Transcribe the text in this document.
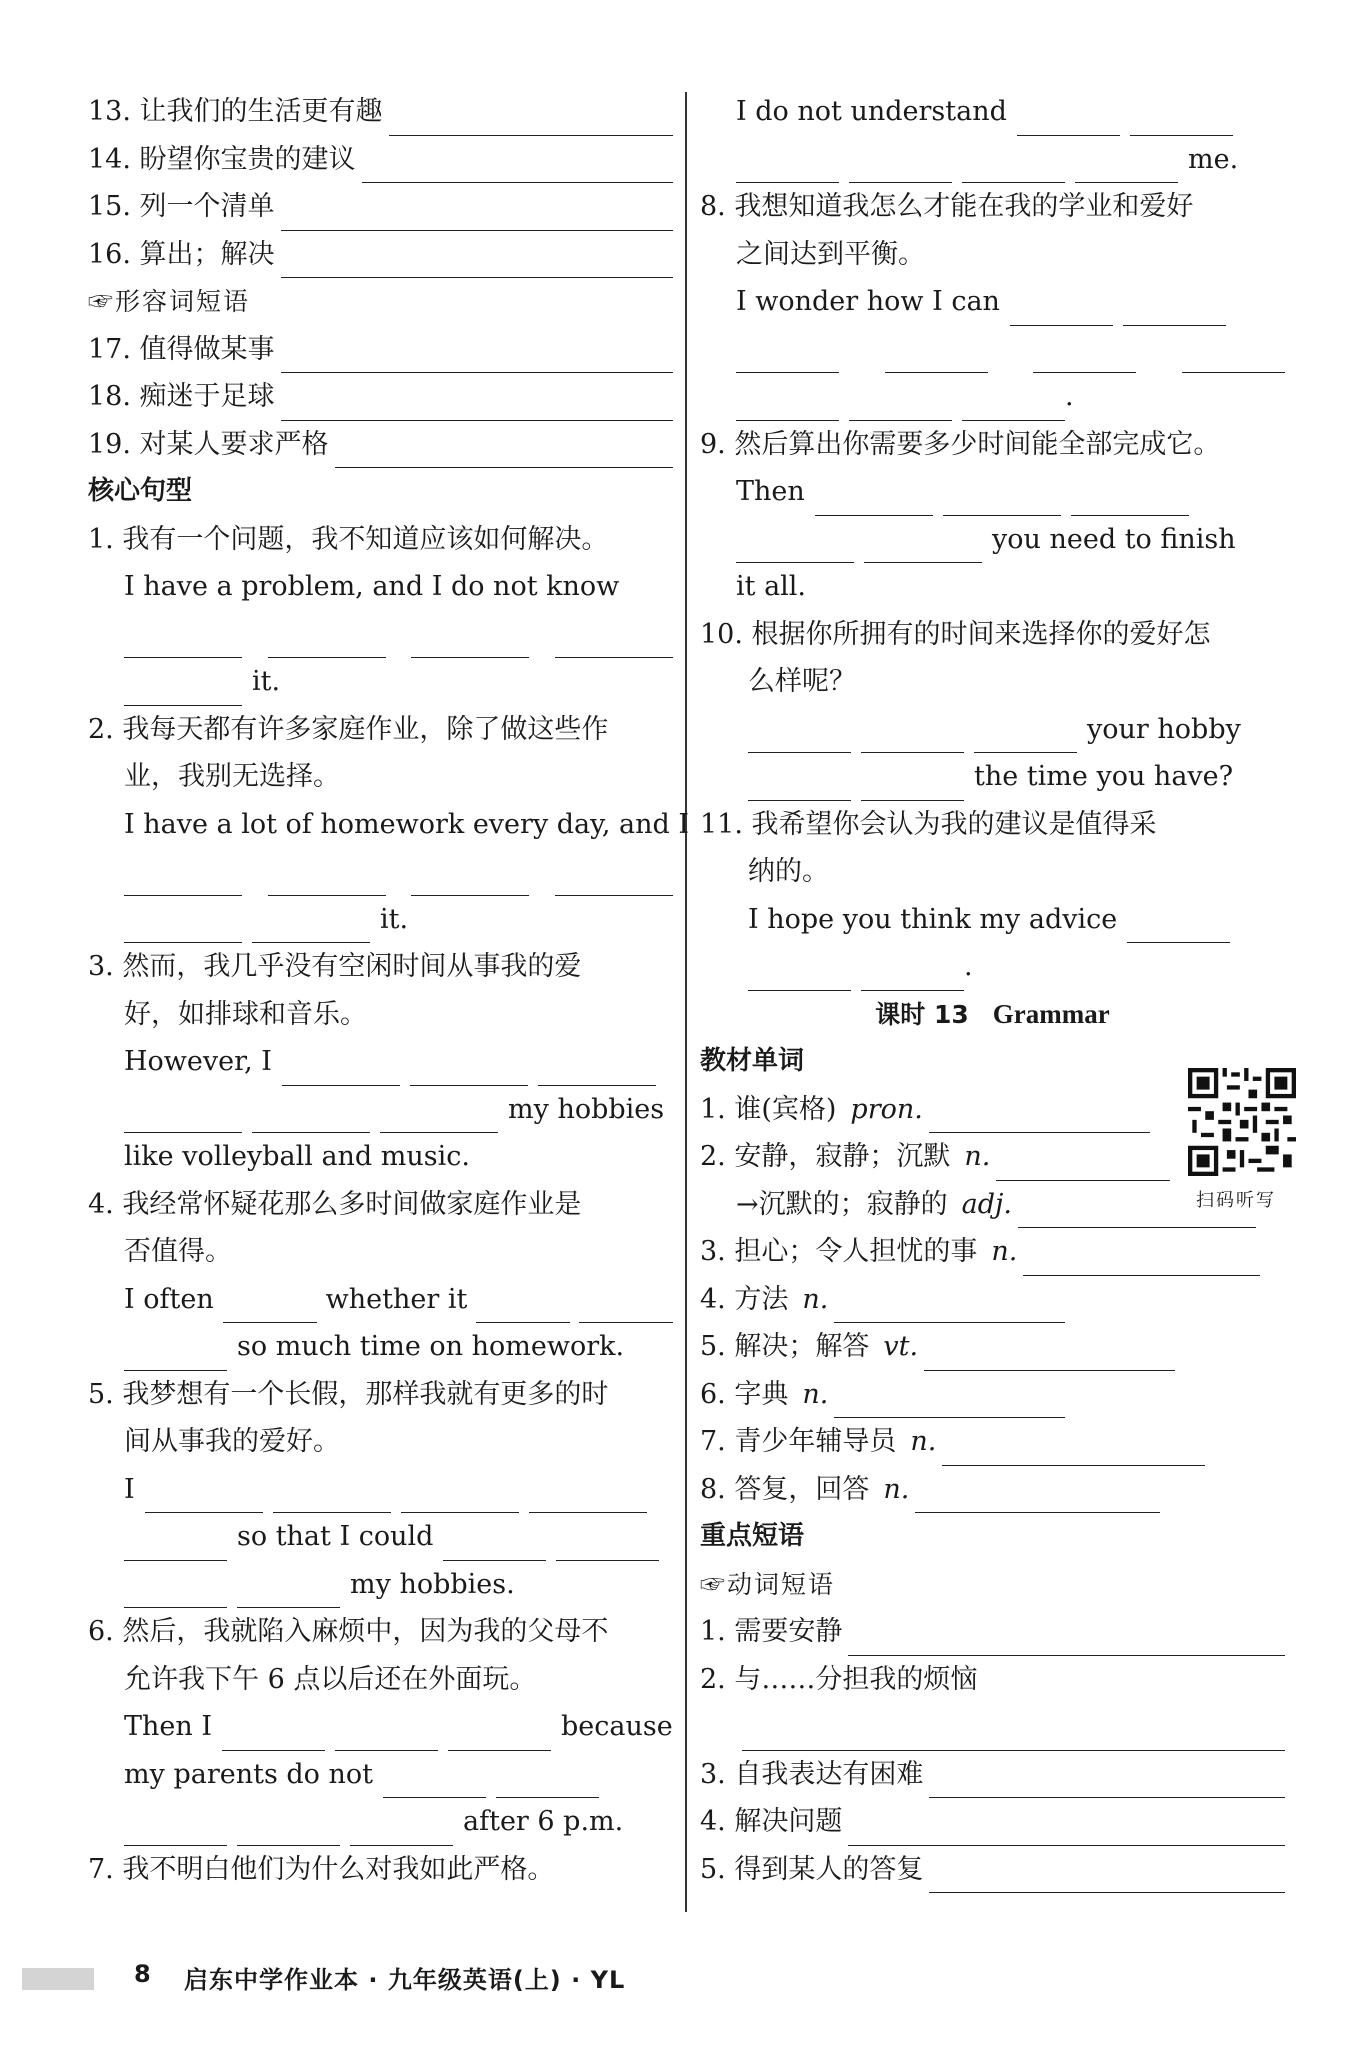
13. 让我们的生活更有趣
14. 盼望你宝贵的建议
15. 列一个清单
16. 算出；解决
☞形容词短语
17. 值得做某事
18. 痴迷于足球
19. 对某人要求严格
核心句型
1. 我有一个问题，我不知道应该如何解决。
I have a problem, and I do not know
it.
2. 我每天都有许多家庭作业，除了做这些作
业，我别无选择。
I have a lot of homework every day, and I
it.
3. 然而，我几乎没有空闲时间从事我的爱
好，如排球和音乐。
However, I
my hobbies
like volleyball and music.
4. 我经常怀疑花那么多时间做家庭作业是
否值得。
I often	whether it
so much time on homework.
5. 我梦想有一个长假，那样我就有更多的时
间从事我的爱好。
I
so that I could
my hobbies.
6. 然后，我就陷入麻烦中，因为我的父母不
允许我下午 6 点以后还在外面玩。
Then I	because
my parents do not
after 6 p.m.
7. 我不明白他们为什么对我如此严格。
I do not understand
me.
8. 我想知道我怎么才能在我的学业和爱好
之间达到平衡。
I wonder how I can
.
9. 然后算出你需要多少时间能全部完成它。
Then
you need to finish
it all.
10. 根据你所拥有的时间来选择你的爱好怎
么样呢？
your hobby
the time you have?
11. 我希望你会认为我的建议是值得采
纳的。
I hope you think my advice
.
课时 13 Grammar
教材单词
1. 谁(宾格) pron.
2. 安静，寂静；沉默 n.
→沉默的；寂静的 adj.
3. 担心；令人担忧的事 n.
4. 方法 n.
5. 解决；解答 vt.
6. 字典 n.
7. 青少年辅导员 n.
8. 答复，回答 n.
重点短语
☞动词短语
1. 需要安静
2. 与……分担我的烦恼
3. 自我表达有困难
4. 解决问题
5. 得到某人的答复
扫码听写
8 启东中学作业本 · 九年级英语(上) · YL
